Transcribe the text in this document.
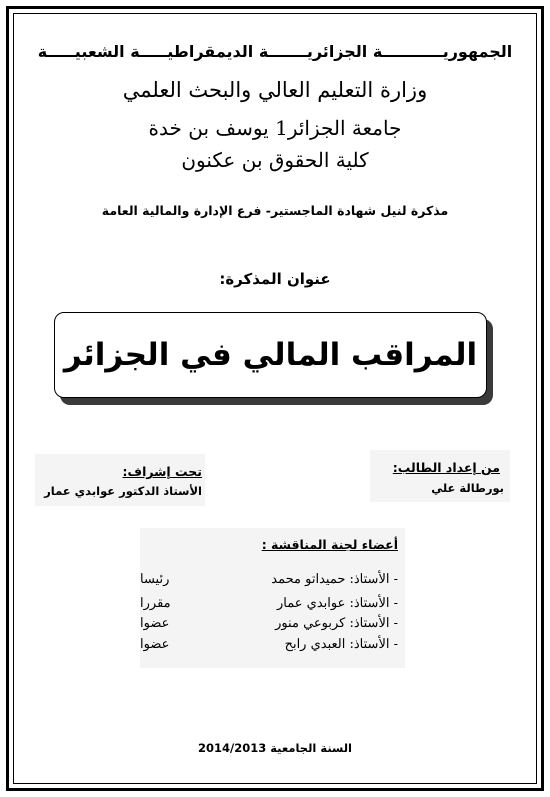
الجمهوريـــــــــــة الجزائريـــــــة الديمقراطيـــــة الشعبيـــــة
وزارة التعليم العالي والبحث العلمي
جامعة الجزائر1 يوسف بن خدة
كلية الحقوق بن عكنون
مذكرة لنيل شهادة الماجستير- فرع الإدارة والمالية العامة
عنوان المذكرة:
المراقب المالي في الجزائر
من إعداد الطالب:
بورطالة علي
تحت إشراف:
الأستاذ الدكتور عوابدي عمار
أعضاء لجنة المناقشة :
- الأستاذ: حميداتو محمد
رئيسا
- الأستاذ: عوابدي عمار
مقررا
- الأستاذ: كربوعي منور
عضوا
- الأستاذ: العبدي رابح
عضوا
السنة الجامعية 2014/2013
